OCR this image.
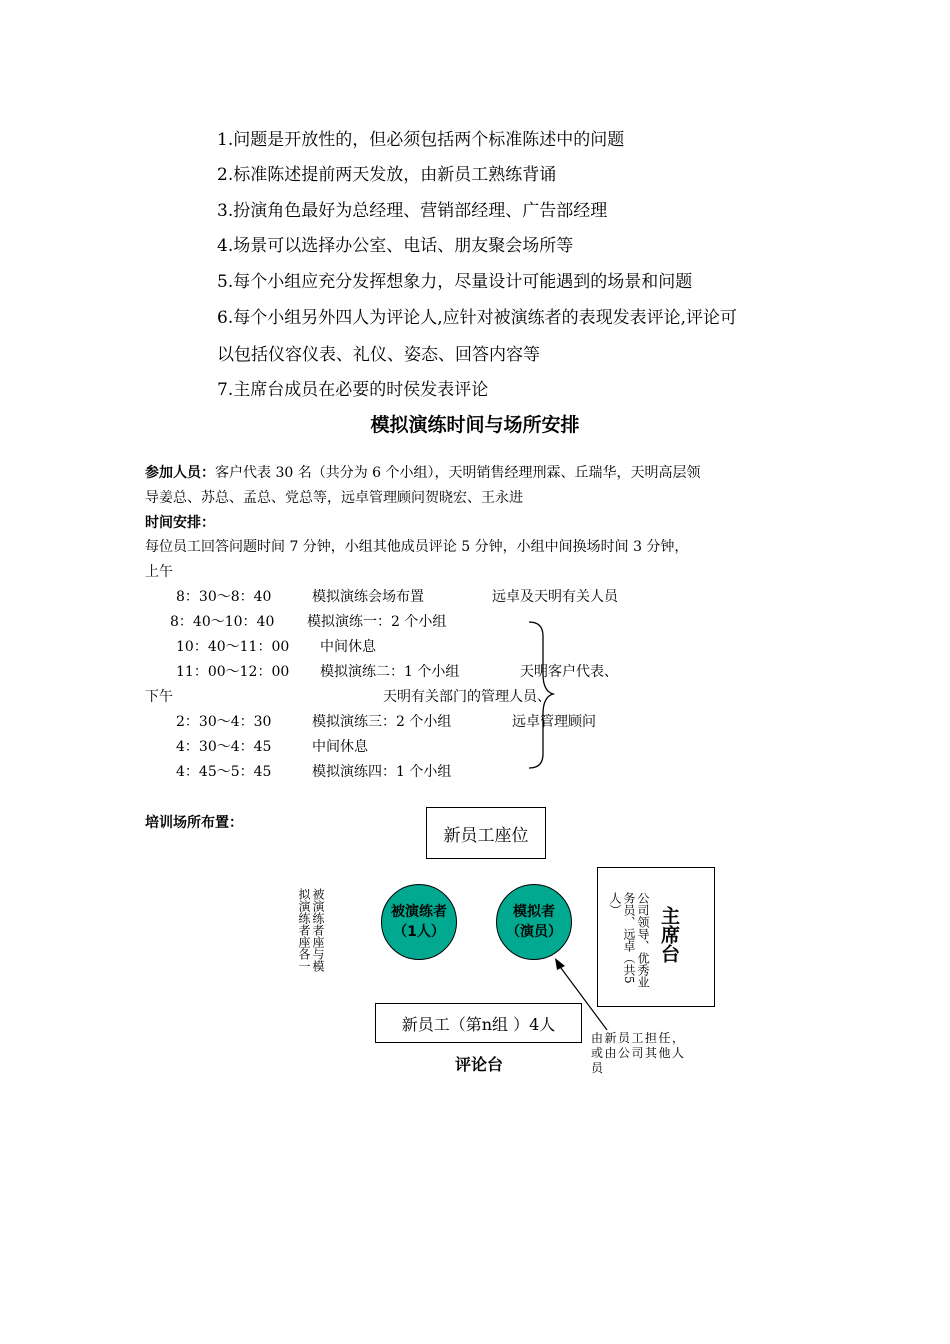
1.问题是开放性的，但必须包括两个标准陈述中的问题
2.标准陈述提前两天发放，由新员工熟练背诵
3.扮演角色最好为总经理、营销部经理、广告部经理
4.场景可以选择办公室、电话、朋友聚会场所等
5.每个小组应充分发挥想象力，尽量设计可能遇到的场景和问题
6.每个小组另外四人为评论人,应针对被演练者的表现发表评论,评论可
以包括仪容仪表、礼仪、姿态、回答内容等
7.主席台成员在必要的时侯发表评论
模拟演练时间与场所安排
参加人员：客户代表 30 名（共分为 6 个小组），天明销售经理刑霖、丘瑞华，天明高层领
导姜总、苏总、孟总、党总等，远卓管理顾问贺晓宏、王永进
时间安排：
每位员工回答问题时间 7 分钟，小组其他成员评论 5 分钟，小组中间换场时间 3 分钟，
上午
8：30～8：40	模拟演练会场布置	远卓及天明有关人员
8：40～10：40 模拟演练一：2 个小组
10：40～11：00 中间休息
11：00～12：00 模拟演练二：1 个小组	天明客户代表、
下午	天明有关部门的管理人员、
2：30～4：30	模拟演练三：2 个小组	远卓管理顾问
4：30～4：45	中间休息
4：45～5：45	模拟演练四：1 个小组
培训场所布置：
新员工座位
被演练者座与模拟演练者座各一	被演练者
（1人）
模拟者
（演员）	公司领导、优秀业务员、远卓（共5人）
主席台
新员工（第n组 ）4人
评论台
由新员工担任，
或由公司其他人
员
